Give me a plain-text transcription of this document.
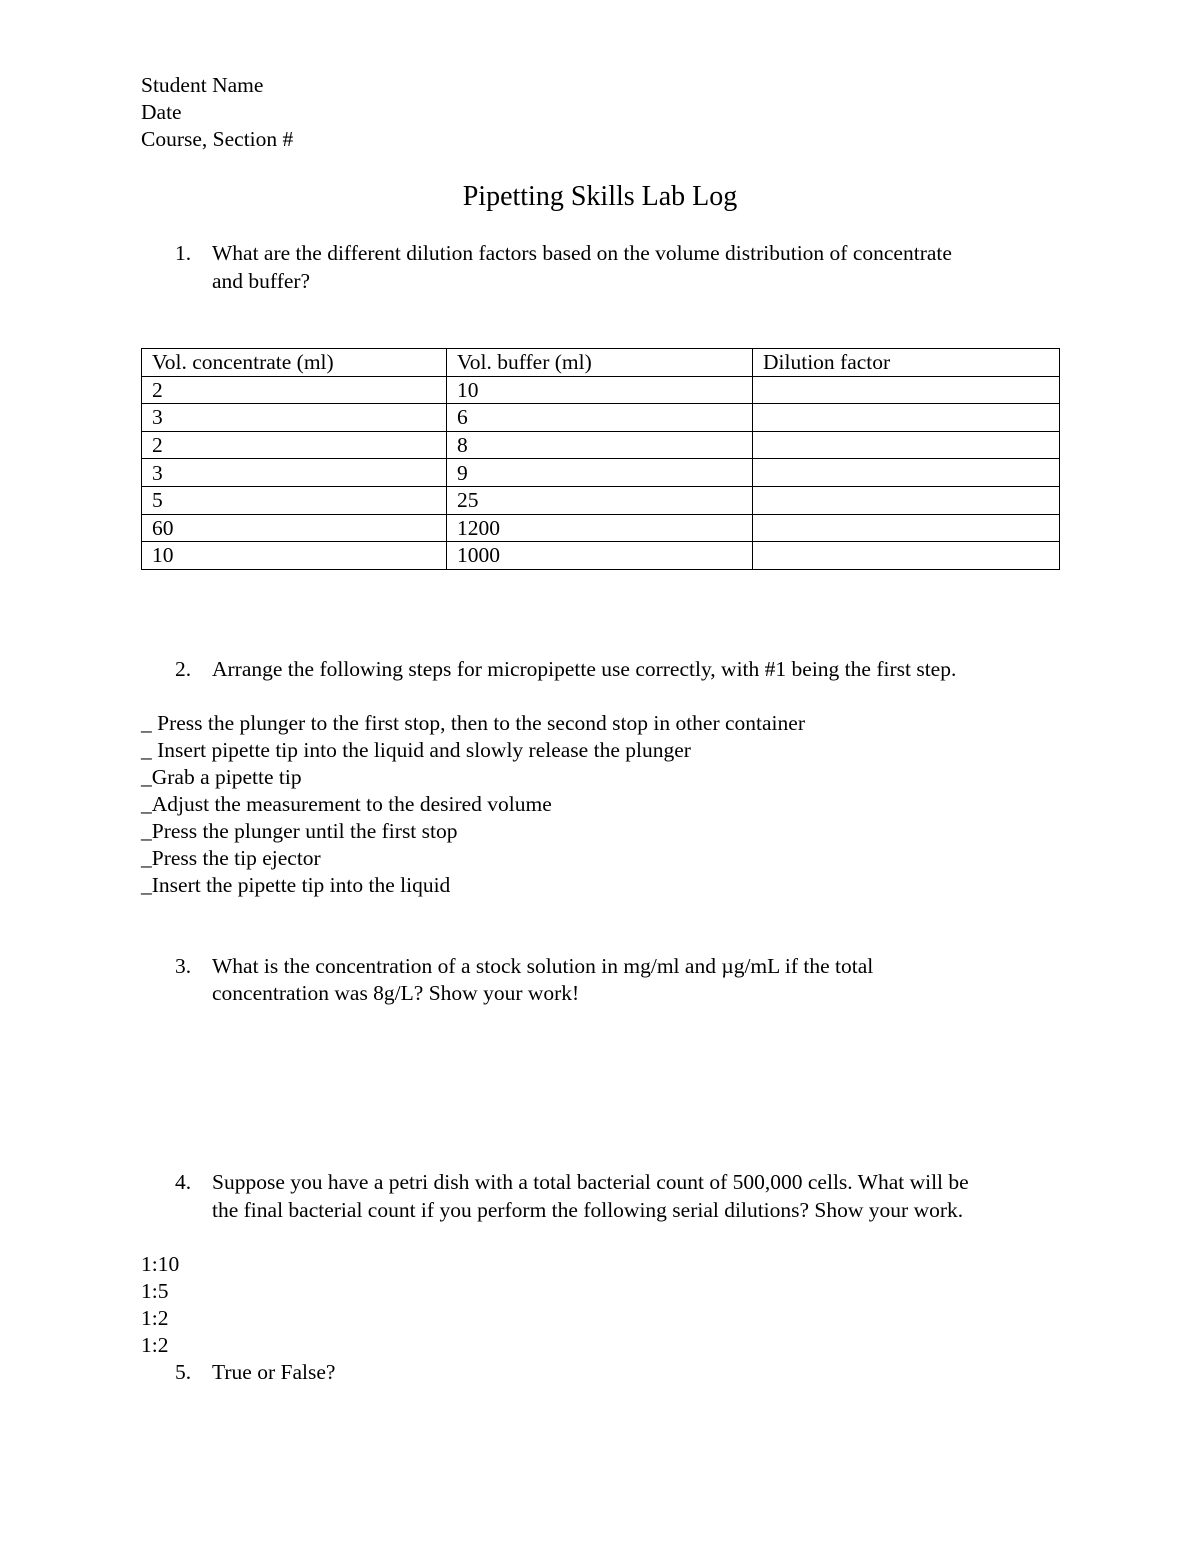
Student Name
Date
Course, Section #
Pipetting Skills Lab Log
1. What are the different dilution factors based on the volume distribution of concentrate
and buffer?
Vol. concentrate (ml)	Vol. buffer (ml)	Dilution factor
2	10	
3	6	
2	8	
3	9	
5	25	
60	1200	
10	1000	
2. Arrange the following steps for micropipette use correctly, with #1 being the first step.
_ Press the plunger to the first stop, then to the second stop in other container
_ Insert pipette tip into the liquid and slowly release the plunger
_Grab a pipette tip
_Adjust the measurement to the desired volume
_Press the plunger until the first stop
_Press the tip ejector
_Insert the pipette tip into the liquid
3. What is the concentration of a stock solution in mg/ml and µg/mL if the total
concentration was 8g/L? Show your work!
4. Suppose you have a petri dish with a total bacterial count of 500,000 cells. What will be
the final bacterial count if you perform the following serial dilutions? Show your work.
1:10
1:5
1:2
1:2
5. True or False?
